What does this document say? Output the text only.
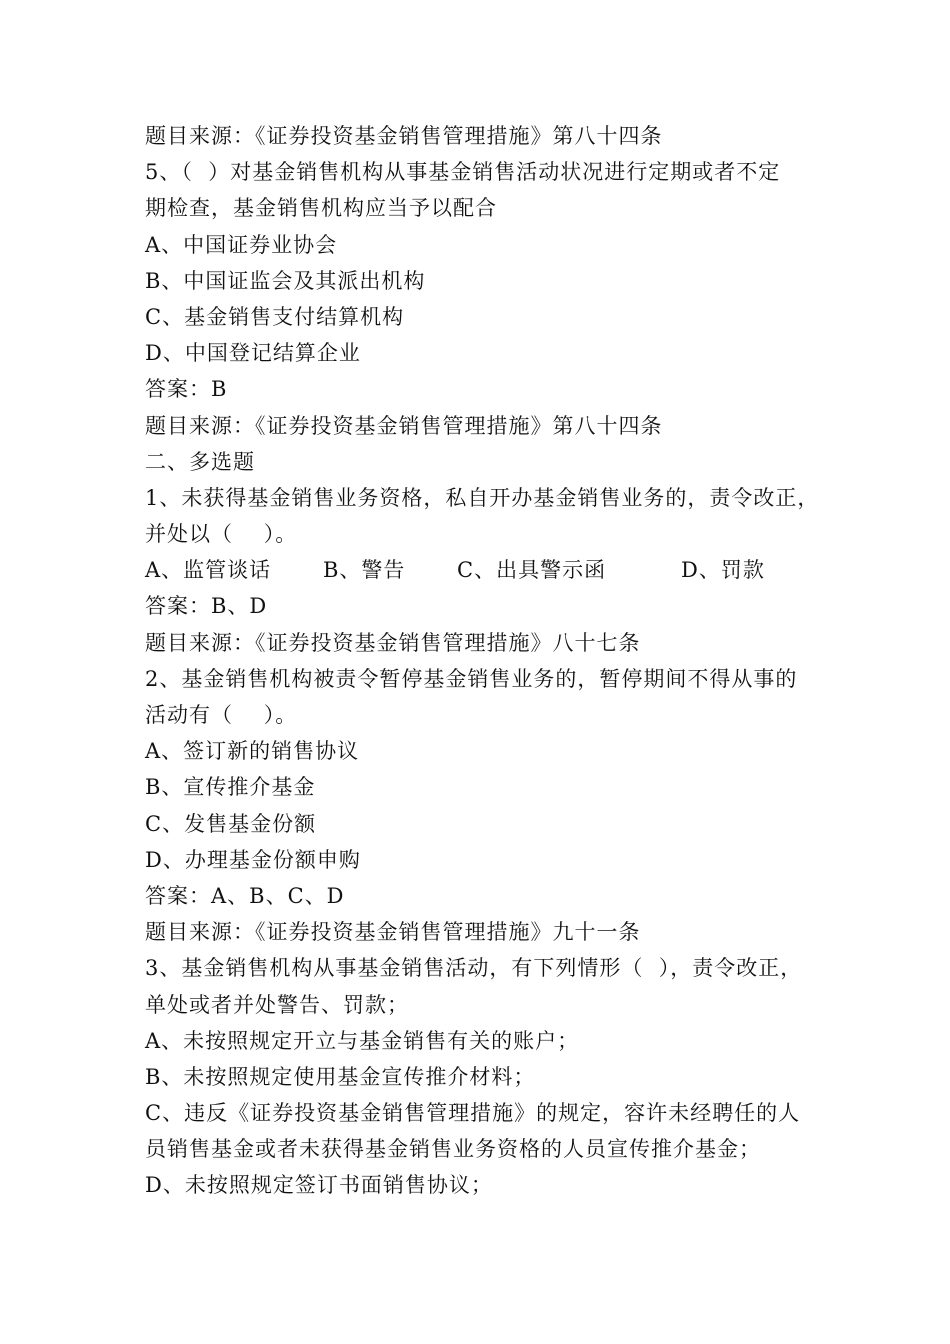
题目来源：《证券投资基金销售管理措施》第八十四条
5、（  ）对基金销售机构从事基金销售活动状况进行定期或者不定
期检查，基金销售机构应当予以配合
A、中国证券业协会
B、中国证监会及其派出机构
C、基金销售支付结算机构
D、中国登记结算企业
答案：B
题目来源：《证券投资基金销售管理措施》第八十四条
二、多选题
1、未获得基金销售业务资格，私自开办基金销售业务的，责令改正，
并处以（    ）。
A、监管谈话	B、警告	C、出具警示函	D、罚款
答案：B、D
题目来源：《证券投资基金销售管理措施》八十七条
2、基金销售机构被责令暂停基金销售业务的，暂停期间不得从事的
活动有（    ）。
A、签订新的销售协议
B、宣传推介基金
C、发售基金份额
D、办理基金份额申购
答案：A、B、C、D
题目来源：《证券投资基金销售管理措施》九十一条
3、基金销售机构从事基金销售活动，有下列情形（  ），责令改正，
单处或者并处警告、罚款；
A、未按照规定开立与基金销售有关的账户；
B、未按照规定使用基金宣传推介材料；
C、违反《证券投资基金销售管理措施》的规定，容许未经聘任的人
员销售基金或者未获得基金销售业务资格的人员宣传推介基金；
D、未按照规定签订书面销售协议；
